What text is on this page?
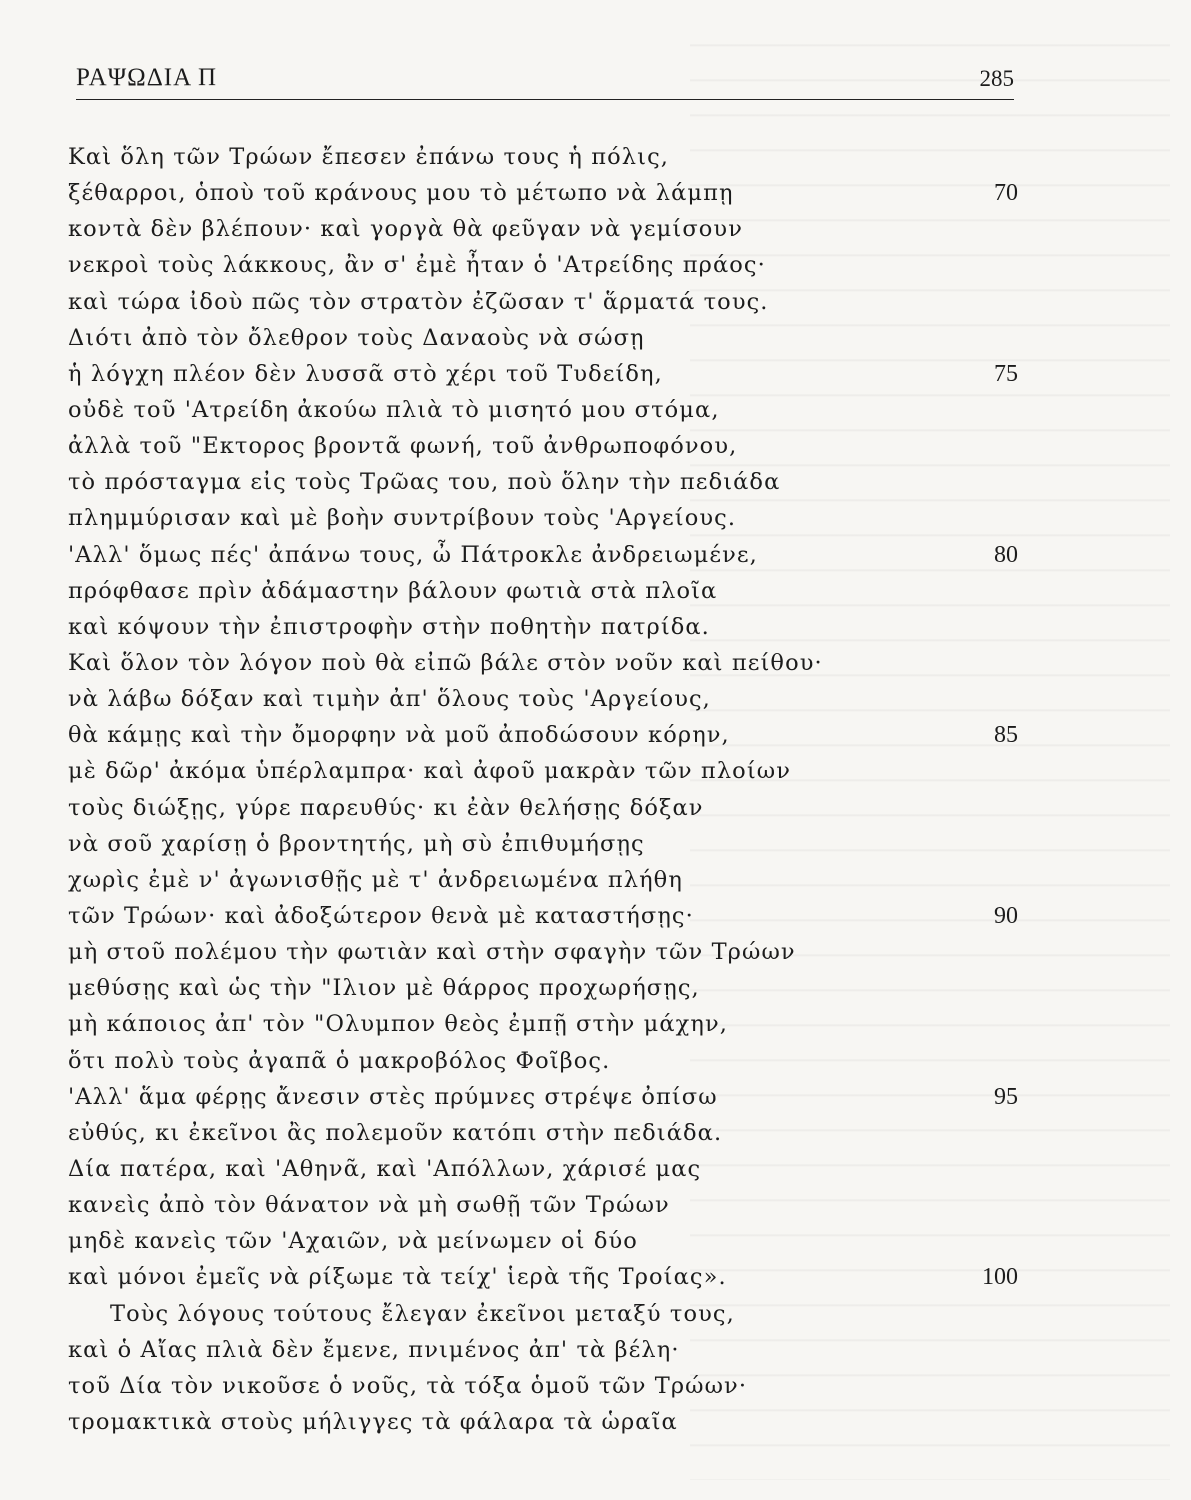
ΡΑΨΩΔΙΑ Π	285
Καὶ ὅλη τῶν Τρώων ἔπεσεν ἐπάνω τους ἡ πόλις,
ξέθαρροι, ὁποὺ τοῦ κράνους μου τὸ μέτωπο νὰ λάμπῃ	70
κοντὰ δὲν βλέπουν· καὶ γοργὰ θὰ φεῦγαν νὰ γεμίσουν
νεκροὶ τοὺς λάκκους, ἂν σ' ἐμὲ ἦταν ὁ 'Ατρείδης πράος·
καὶ τώρα ἰδοὺ πῶς τὸν στρατὸν ἐζῶσαν τ' ἅρματά τους.
Διότι ἀπὸ τὸν ὄλεθρον τοὺς Δαναοὺς νὰ σώσῃ
ἡ λόγχη πλέον δὲν λυσσᾶ στὸ χέρι τοῦ Τυδείδη,	75
οὐδὲ τοῦ 'Ατρείδη ἀκούω πλιὰ τὸ μισητό μου στόμα,
ἀλλὰ τοῦ "Εκτορος βροντᾶ φωνή, τοῦ ἀνθρωποφόνου,
τὸ πρόσταγμα εἰς τοὺς Τρῶας του, ποὺ ὅλην τὴν πεδιάδα
πλημμύρισαν καὶ μὲ βοὴν συντρίβουν τοὺς 'Αργείους.
'Αλλ' ὅμως πές' ἀπάνω τους, ὦ Πάτροκλε ἀνδρειωμένε,	80
πρόφθασε πρὶν ἀδάμαστην βάλουν φωτιὰ στὰ πλοῖα
καὶ κόψουν τὴν ἐπιστροφὴν στὴν ποθητὴν πατρίδα.
Καὶ ὅλον τὸν λόγον ποὺ θὰ εἰπῶ βάλε στὸν νοῦν καὶ πείθου·
νὰ λάβω δόξαν καὶ τιμὴν ἀπ' ὅλους τοὺς 'Αργείους,
θὰ κάμῃς καὶ τὴν ὄμορφην νὰ μοῦ ἀποδώσουν κόρην,	85
μὲ δῶρ' ἀκόμα ὑπέρλαμπρα· καὶ ἀφοῦ μακρὰν τῶν πλοίων
τοὺς διώξῃς, γύρε παρευθύς· κι ἐὰν θελήσῃς δόξαν
νὰ σοῦ χαρίσῃ ὁ βροντητής, μὴ σὺ ἐπιθυμήσῃς
χωρὶς ἐμὲ ν' ἀγωνισθῇς μὲ τ' ἀνδρειωμένα πλήθη
τῶν Τρώων· καὶ ἀδοξώτερον θενὰ μὲ καταστήσῃς·	90
μὴ στοῦ πολέμου τὴν φωτιὰν καὶ στὴν σφαγὴν τῶν Τρώων
μεθύσῃς καὶ ὡς τὴν "Ιλιον μὲ θάρρος προχωρήσῃς,
μὴ κάποιος ἀπ' τὸν "Ολυμπον θεὸς ἐμπῇ στὴν μάχην,
ὅτι πολὺ τοὺς ἀγαπᾶ ὁ μακροβόλος Φοῖβος.
'Αλλ' ἅμα φέρῃς ἄνεσιν στὲς πρύμνες στρέψε ὀπίσω	95
εὐθύς, κι ἐκεῖνοι ἂς πολεμοῦν κατόπι στὴν πεδιάδα.
Δία πατέρα, καὶ 'Αθηνᾶ, καὶ 'Απόλλων, χάρισέ μας
κανεὶς ἀπὸ τὸν θάνατον νὰ μὴ σωθῇ τῶν Τρώων
μηδὲ κανεὶς τῶν 'Αχαιῶν, νὰ μείνωμεν οἱ δύο
καὶ μόνοι ἐμεῖς νὰ ρίξωμε τὰ τείχ' ἱερὰ τῆς Τροίας».	100
Τοὺς λόγους τούτους ἔλεγαν ἐκεῖνοι μεταξύ τους,
καὶ ὁ Αἴας πλιὰ δὲν ἔμενε, πνιμένος ἀπ' τὰ βέλη·
τοῦ Δία τὸν νικοῦσε ὁ νοῦς, τὰ τόξα ὁμοῦ τῶν Τρώων·
τρομακτικὰ στοὺς μήλιγγες τὰ φάλαρα τὰ ὡραῖα
